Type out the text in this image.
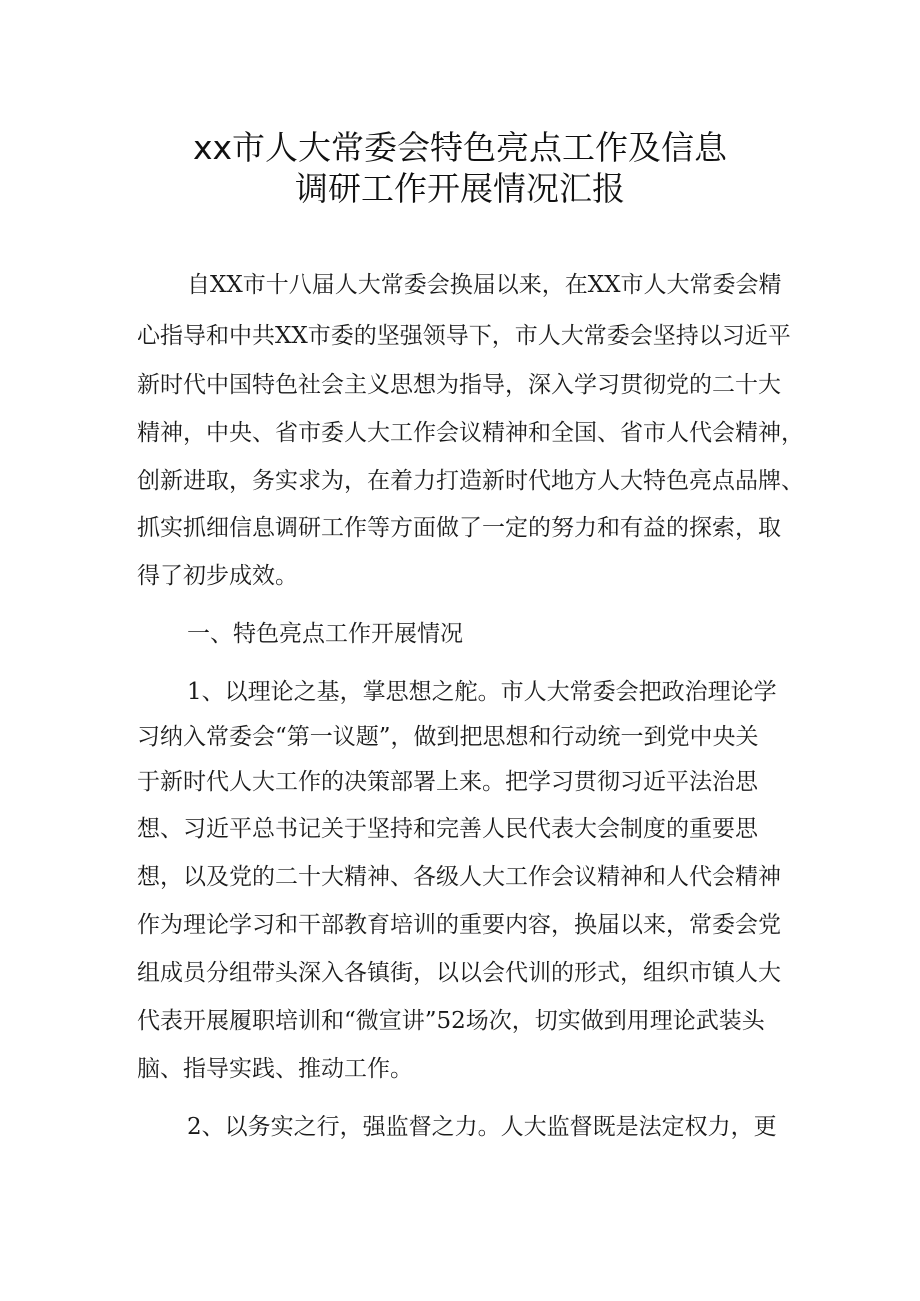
xx市人大常委会特色亮点工作及信息
调研工作开展情况汇报
自XX市十八届人大常委会换届以来，在XX市人大常委会精
心指导和中共XX市委的坚强领导下，市人大常委会坚持以习近平
新时代中国特色社会主义思想为指导，深入学习贯彻党的二十大
精神，中央、省市委人大工作会议精神和全国、省市人代会精神，
创新进取，务实求为，在着力打造新时代地方人大特色亮点品牌、
抓实抓细信息调研工作等方面做了一定的努力和有益的探索，取
得了初步成效。
一、特色亮点工作开展情况
1、以理论之基，掌思想之舵。市人大常委会把政治理论学
习纳入常委会“第一议题”，做到把思想和行动统一到党中央关
于新时代人大工作的决策部署上来。把学习贯彻习近平法治思
想、习近平总书记关于坚持和完善人民代表大会制度的重要思
想，以及党的二十大精神、各级人大工作会议精神和人代会精神
作为理论学习和干部教育培训的重要内容，换届以来，常委会党
组成员分组带头深入各镇街，以以会代训的形式，组织市镇人大
代表开展履职培训和“微宣讲”52场次，切实做到用理论武装头
脑、指导实践、推动工作。
2、以务实之行，强监督之力。人大监督既是法定权力，更
